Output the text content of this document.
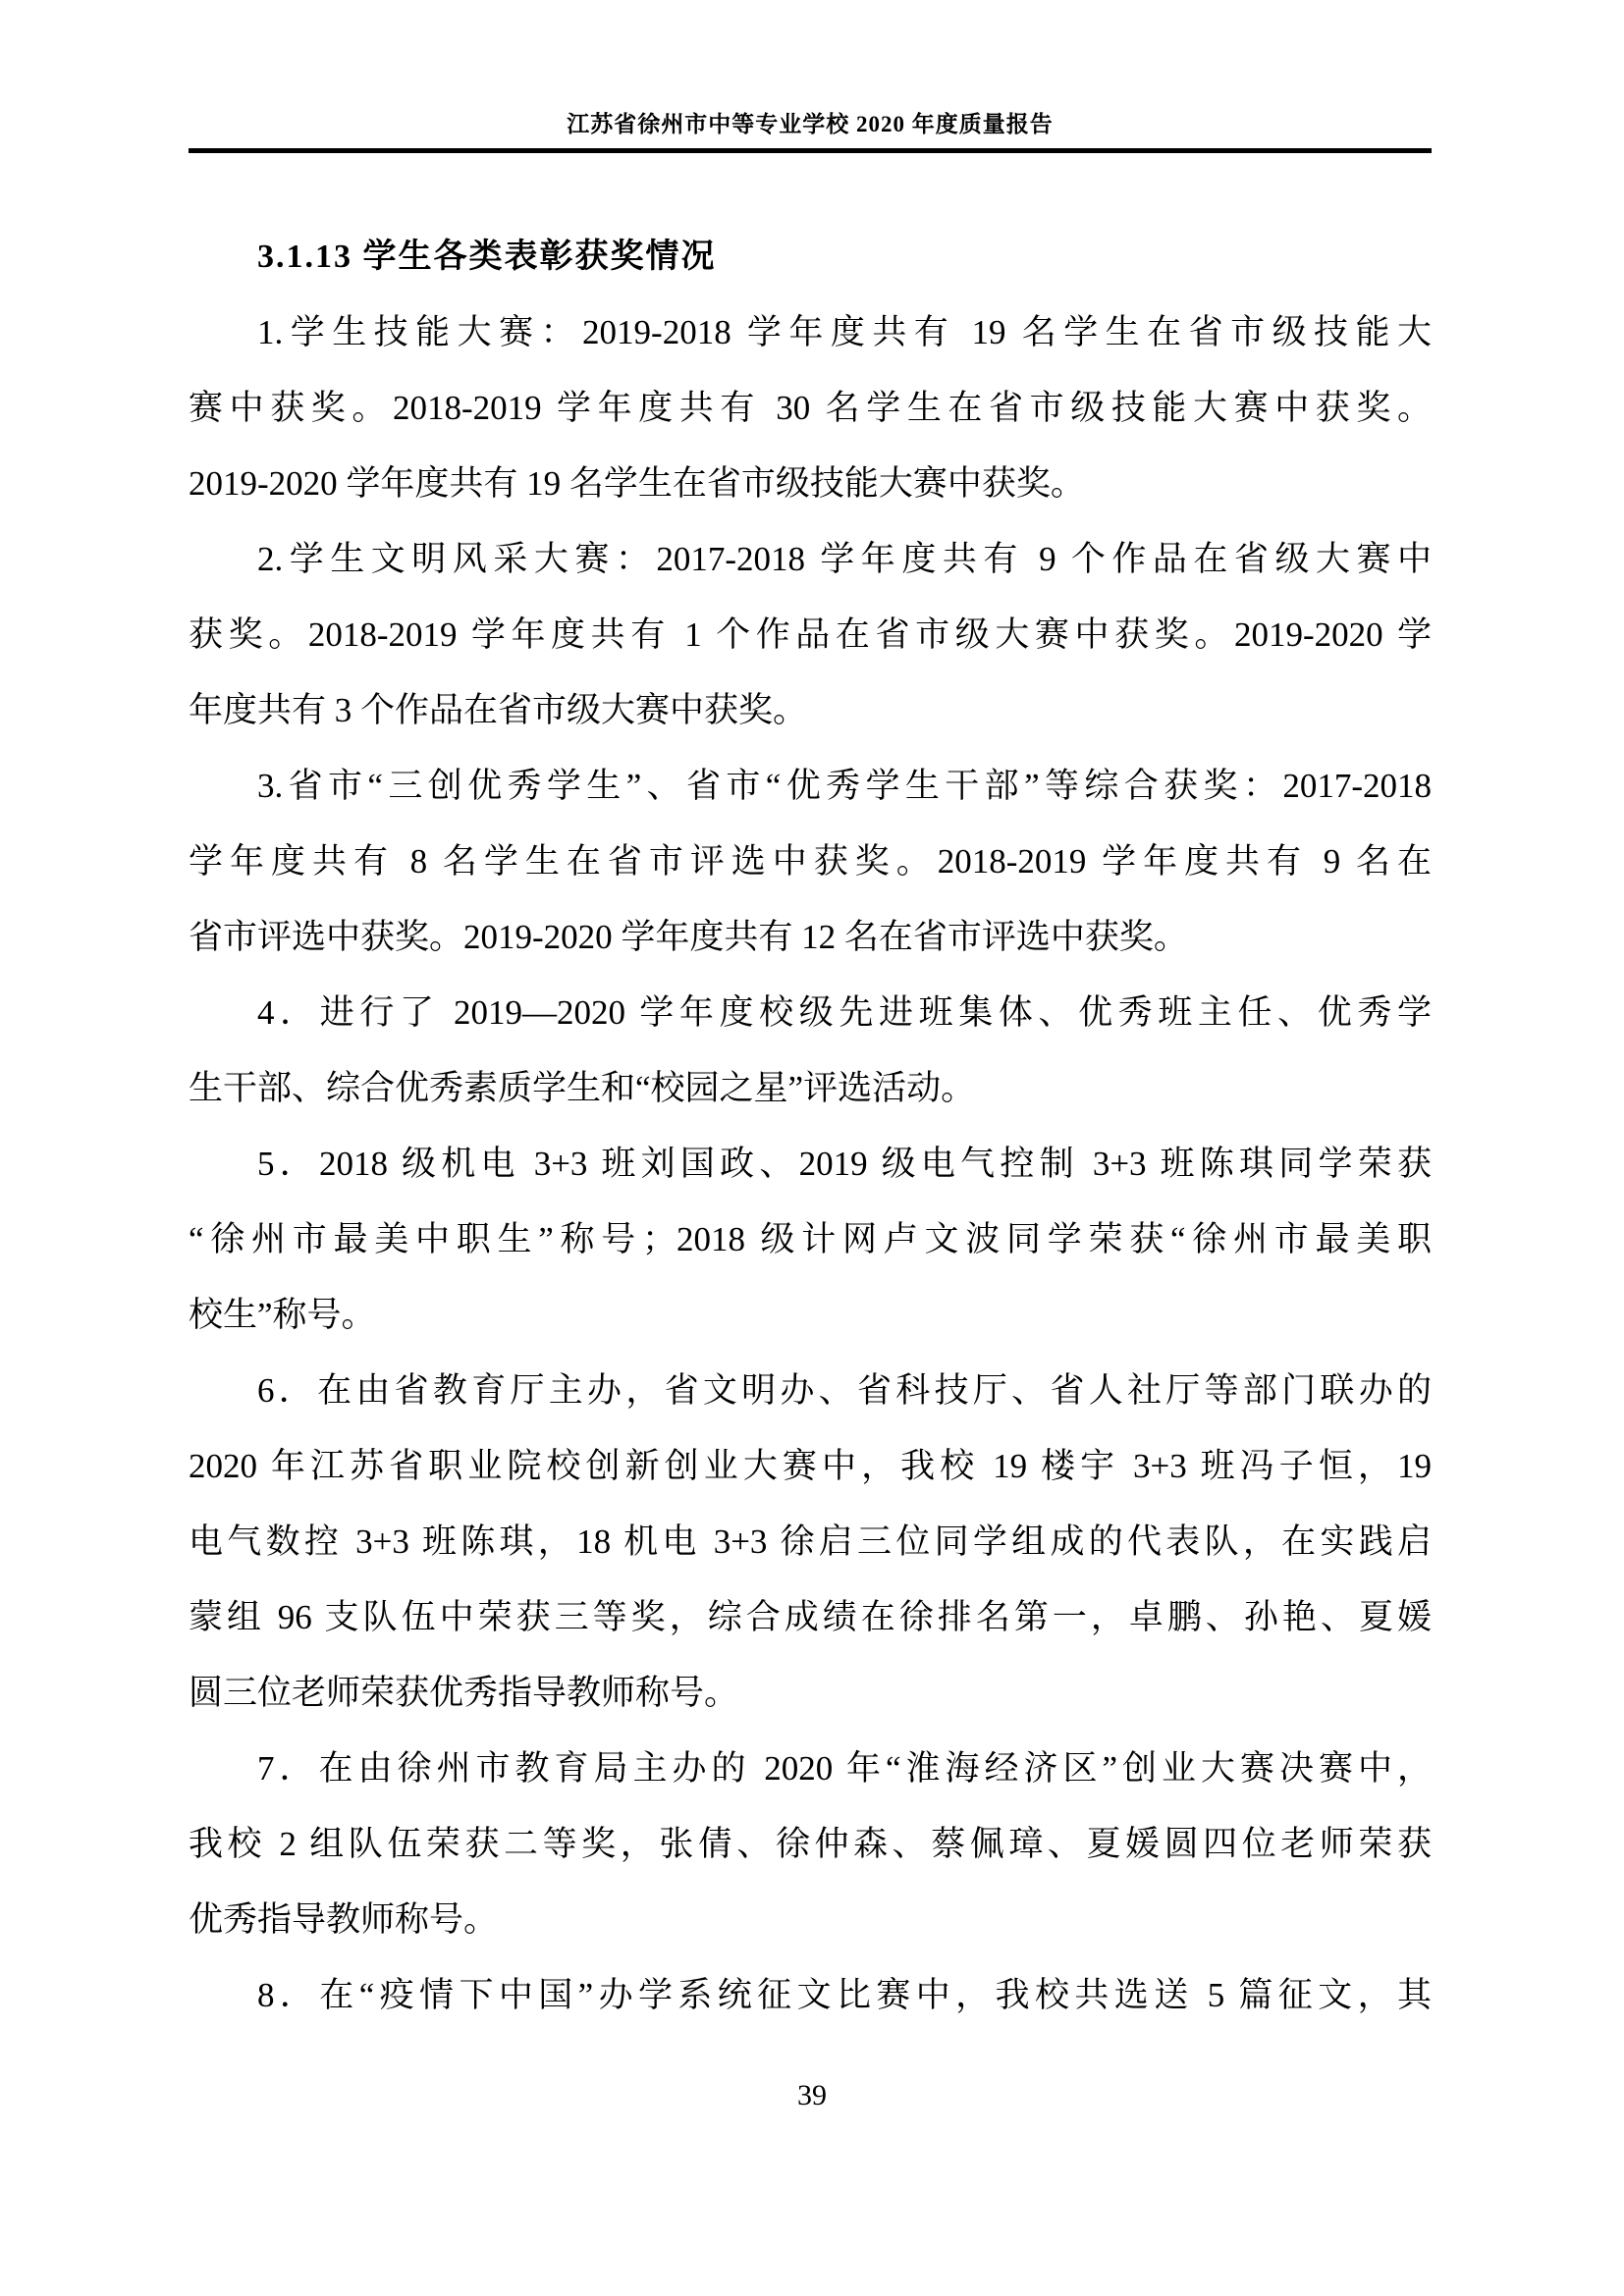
江苏省徐州市中等专业学校 2020 年度质量报告
3.1.13 学生各类表彰获奖情况
1.学生技能大赛：2019-2018 学年度共有 19 名学生在省市级技能大
赛中获奖。2018-2019 学年度共有 30 名学生在省市级技能大赛中获奖。
2019-2020 学年度共有 19 名学生在省市级技能大赛中获奖。
2.学生文明风采大赛：2017-2018 学年度共有 9 个作品在省级大赛中
获奖。2018-2019 学年度共有 1 个作品在省市级大赛中获奖。2019-2020 学
年度共有 3 个作品在省市级大赛中获奖。
3.省市“三创优秀学生”、省市“优秀学生干部”等综合获奖：2017-2018
学年度共有 8 名学生在省市评选中获奖。2018-2019 学年度共有 9 名在
省市评选中获奖。2019-2020 学年度共有 12 名在省市评选中获奖。
4．进行了 2019—2020 学年度校级先进班集体、优秀班主任、优秀学
生干部、综合优秀素质学生和“校园之星”评选活动。
5．2018 级机电 3+3 班刘国政、2019 级电气控制 3+3 班陈琪同学荣获
“徐州市最美中职生”称号；2018 级计网卢文波同学荣获“徐州市最美职
校生”称号。
6．在由省教育厅主办，省文明办、省科技厅、省人社厅等部门联办的
2020 年江苏省职业院校创新创业大赛中，我校 19 楼宇 3+3 班冯子恒，19
电气数控 3+3 班陈琪，18 机电 3+3 徐启三位同学组成的代表队，在实践启
蒙组 96 支队伍中荣获三等奖，综合成绩在徐排名第一，卓鹏、孙艳、夏媛
圆三位老师荣获优秀指导教师称号。
7．在由徐州市教育局主办的 2020 年“淮海经济区”创业大赛决赛中，
我校 2 组队伍荣获二等奖，张倩、徐仲森、蔡佩璋、夏媛圆四位老师荣获
优秀指导教师称号。
8．在“疫情下中国”办学系统征文比赛中，我校共选送 5 篇征文，其
39
